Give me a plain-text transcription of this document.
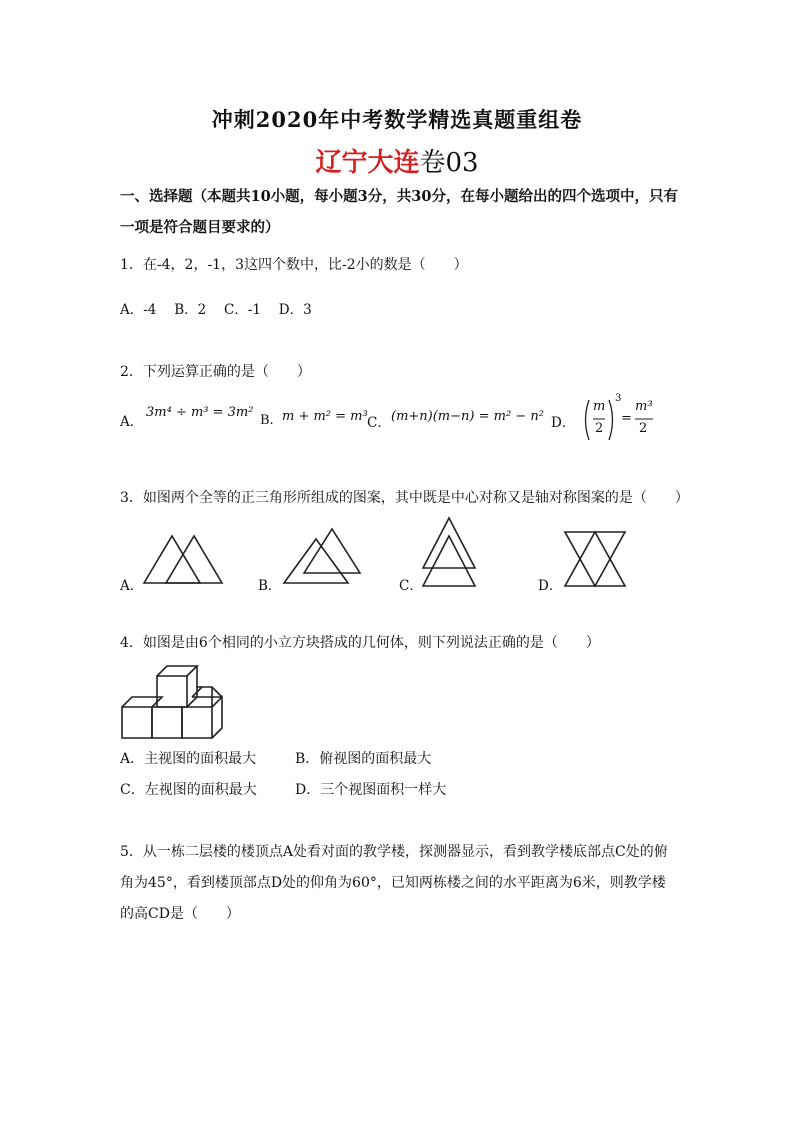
冲刺2020年中考数学精选真题重组卷
辽宁大连卷03
一、选择题（本题共10小题，每小题3分，共30分，在每小题给出的四个选项中，只有一项是符合题目要求的）
1．在-4，2，-1，3这四个数中，比-2小的数是（　　）
A．-4　 B．2　 C．-1　 D．3
2．下列运算正确的是（　　）
A．
3m⁴ ÷ m³ = 3m²
B. m + m² = m³ C． (m+n)(m−n) = m² − n² D．
m
2
3
=
m³
2
3．如图两个全等的正三角形所组成的图案，其中既是中心对称又是轴对称图案的是（　　）
A．	B．	C．	D．
4．如图是由6个相同的小立方块搭成的几何体，则下列说法正确的是（　　）
A．主视图的面积最大	B．俯视图的面积最大
C．左视图的面积最大	D．三个视图面积一样大
5．从一栋二层楼的楼顶点A处看对面的教学楼，探测器显示，看到教学楼底部点C处的俯
角为45°，看到楼顶部点D处的仰角为60°，已知两栋楼之间的水平距离为6米，则教学楼
的高CD是（　　）
